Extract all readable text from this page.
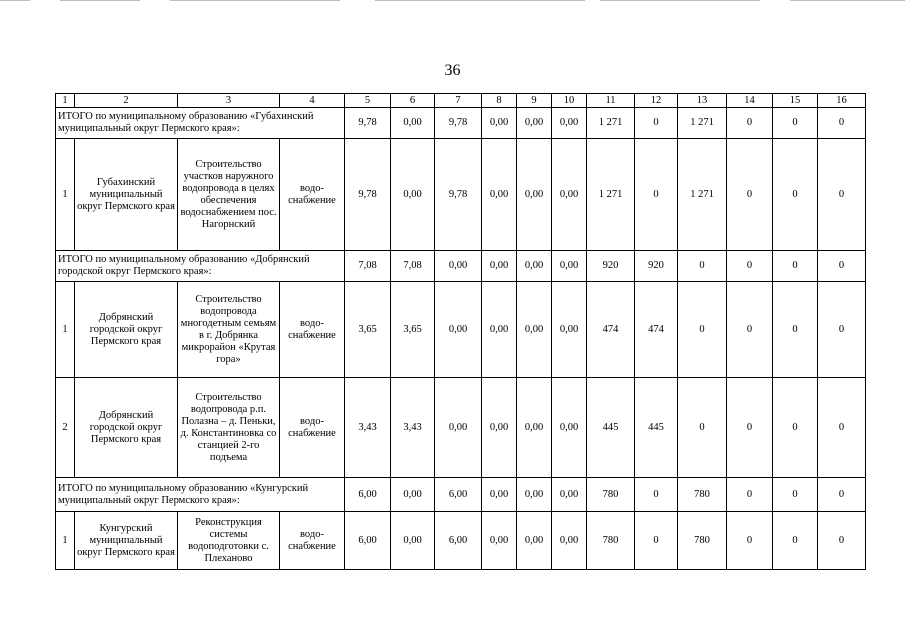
36
1	2	3	4	5	6	7	8	9	10	11	12	13	14	15	16
ИТОГО по муниципальному образованию «Губахинский муниципальный округ Пермского края»:				9,78	0,00	9,78	0,00	0,00	0,00	1 271	0	1 271	0	0	0
1	Губахинский муниципальный округ Пермского края	Строительство участков наружного водопровода в целях обеспечения водоснабжением пос. Нагорнский	водо-снабжение	9,78	0,00	9,78	0,00	0,00	0,00	1 271	0	1 271	0	0	0
ИТОГО по муниципальному образованию «Добрянский городской округ Пермского края»:				7,08	7,08	0,00	0,00	0,00	0,00	920	920	0	0	0	0
1	Добрянский городской округ Пермского края	Строительство водопровода многодетным семьям в г. Добрянка микрорайон «Крутая гора»	водо-снабжение	3,65	3,65	0,00	0,00	0,00	0,00	474	474	0	0	0	0
2	Добрянский городской округ Пермского края	Строительство водопровода р.п. Полазна – д. Пеньки, д. Константиновка со станцией 2-го подъема	водо-снабжение	3,43	3,43	0,00	0,00	0,00	0,00	445	445	0	0	0	0
ИТОГО по муниципальному образованию «Кунгурский муниципальный округ Пермского края»:				6,00	0,00	6,00	0,00	0,00	0,00	780	0	780	0	0	0
1	Кунгурский муниципальный округ Пермского края	Реконструкция системы водоподготовки с. Плеханово	водо-снабжение	6,00	0,00	6,00	0,00	0,00	0,00	780	0	780	0	0	0
